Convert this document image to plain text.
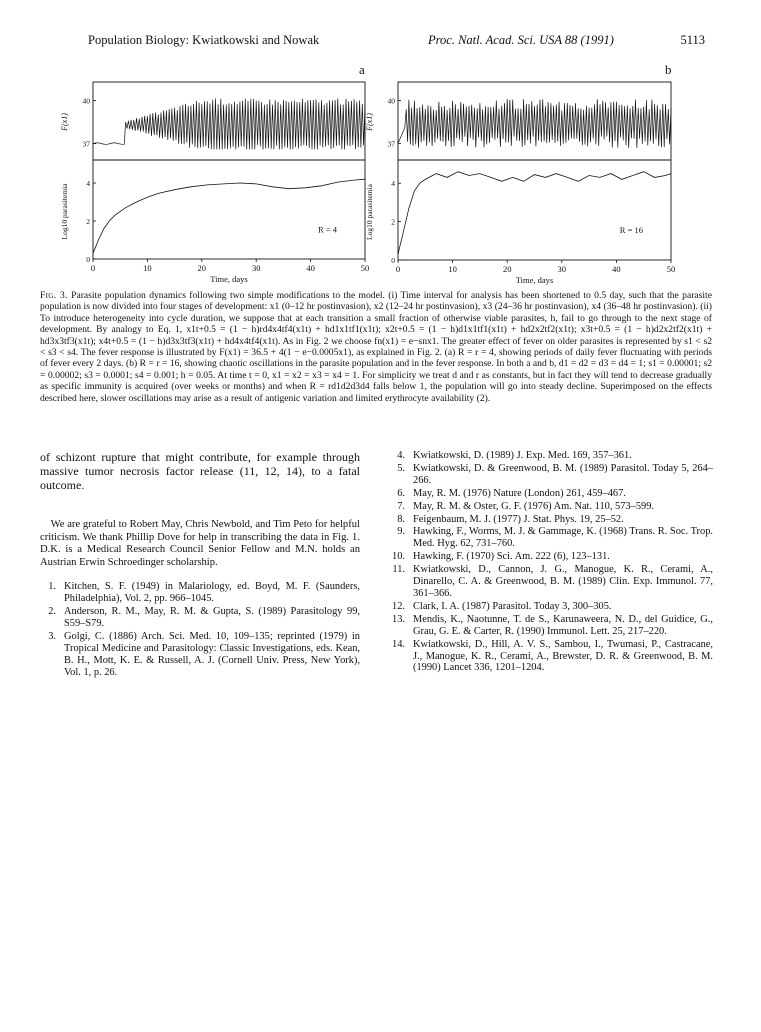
Population Biology: Kwiatkowski and Nowak	Proc. Natl. Acad. Sci. USA 88 (1991)	5113
a
0	10	20	30	40	50
Time, days
40
37
F(x1)
4
2
0
Log10 parasitemia	R = 4
b
0	10	20	30	40	50
Time, days
40
37
F(x1)
4
2
0
Log10 parasitemia	R = 16
Fig. 3. Parasite population dynamics following two simple modifications to the model. (i) Time interval for analysis has been shortened to 0.5 day, such that the parasite population is now divided into four stages of development: x1 (0–12 hr postinvasion), x2 (12–24 hr postinvasion), x3 (24–36 hr postinvasion), x4 (36–48 hr postinvasion). (ii) To introduce heterogeneity into cycle duration, we suppose that at each transition a small fraction of otherwise viable parasites, h, fail to go through to the next stage of development. By analogy to Eq. 1, x1t+0.5 = (1 − h)rd4x4tf4(x1t) + hd1x1tf1(x1t); x2t+0.5 = (1 − h)d1x1tf1(x1t) + hd2x2tf2(x1t); x3t+0.5 = (1 − h)d2x2tf2(x1t) + hd3x3tf3(x1t); x4t+0.5 = (1 − h)d3x3tf3(x1t) + hd4x4tf4(x1t). As in Fig. 2 we choose fn(x1) = e−snx1. The greater effect of fever on older parasites is represented by s1 < s2 < s3 < s4. The fever response is illustrated by F(x1) = 36.5 + 4(1 − e−0.0005x1), as explained in Fig. 2. (a) R = r = 4, showing periods of daily fever fluctuating with periods of fever every 2 days. (b) R = r = 16, showing chaotic oscillations in the parasite population and in the fever response. In both a and b, d1 = d2 = d3 = d4 = 1; s1 = 0.00001; s2 = 0.00002; s3 = 0.0001; s4 = 0.001; h = 0.05. At time t = 0, x1 = x2 = x3 = x4 = 1. For simplicity we treat d and r as constants, but in fact they will tend to decrease gradually as specific immunity is acquired (over weeks or months) and when R = rd1d2d3d4 falls below 1, the population will go into steady decline. Superimposed on the effects described here, slower oscillations may arise as a result of antigenic variation and limited erythrocyte availability (2).

of schizont rupture that might contribute, for example through massive tumor necrosis factor release (11, 12, 14), to a fatal outcome.

We are grateful to Robert May, Chris Newbold, and Tim Peto for helpful criticism. We thank Phillip Dove for help in transcribing the data in Fig. 1. D.K. is a Medical Research Council Senior Fellow and M.N. holds an Austrian Erwin Schroedinger scholarship.

1. Kitchen, S. F. (1949) in Malariology, ed. Boyd, M. F. (Saunders, Philadelphia), Vol. 2, pp. 966–1045.
2. Anderson, R. M., May, R. M. & Gupta, S. (1989) Parasitology 99, S59–S79.
3. Golgi, C. (1886) Arch. Sci. Med. 10, 109–135; reprinted (1979) in Tropical Medicine and Parasitology: Classic Investigations, eds. Kean, B. H., Mott, K. E. & Russell, A. J. (Cornell Univ. Press, New York), Vol. 1, p. 26.
4. Kwiatkowski, D. (1989) J. Exp. Med. 169, 357–361.
5. Kwiatkowski, D. & Greenwood, B. M. (1989) Parasitol. Today 5, 264–266.
6. May, R. M. (1976) Nature (London) 261, 459–467.
7. May, R. M. & Oster, G. F. (1976) Am. Nat. 110, 573–599.
8. Feigenbaum, M. J. (1977) J. Stat. Phys. 19, 25–52.
9. Hawking, F., Worms, M. J. & Gammage, K. (1968) Trans. R. Soc. Trop. Med. Hyg. 62, 731–760.
10. Hawking, F. (1970) Sci. Am. 222 (6), 123–131.
11. Kwiatkowski, D., Cannon, J. G., Manogue, K. R., Cerami, A., Dinarello, C. A. & Greenwood, B. M. (1989) Clin. Exp. Immunol. 77, 361–366.
12. Clark, I. A. (1987) Parasitol. Today 3, 300–305.
13. Mendis, K., Naotunne, T. de S., Karunaweera, N. D., del Guidice, G., Grau, G. E. & Carter, R. (1990) Immunol. Lett. 25, 217–220.
14. Kwiatkowski, D., Hill, A. V. S., Sambou, I., Twumasi, P., Castracane, J., Manogue, K. R., Cerami, A., Brewster, D. R. & Greenwood, B. M. (1990) Lancet 336, 1201–1204.
